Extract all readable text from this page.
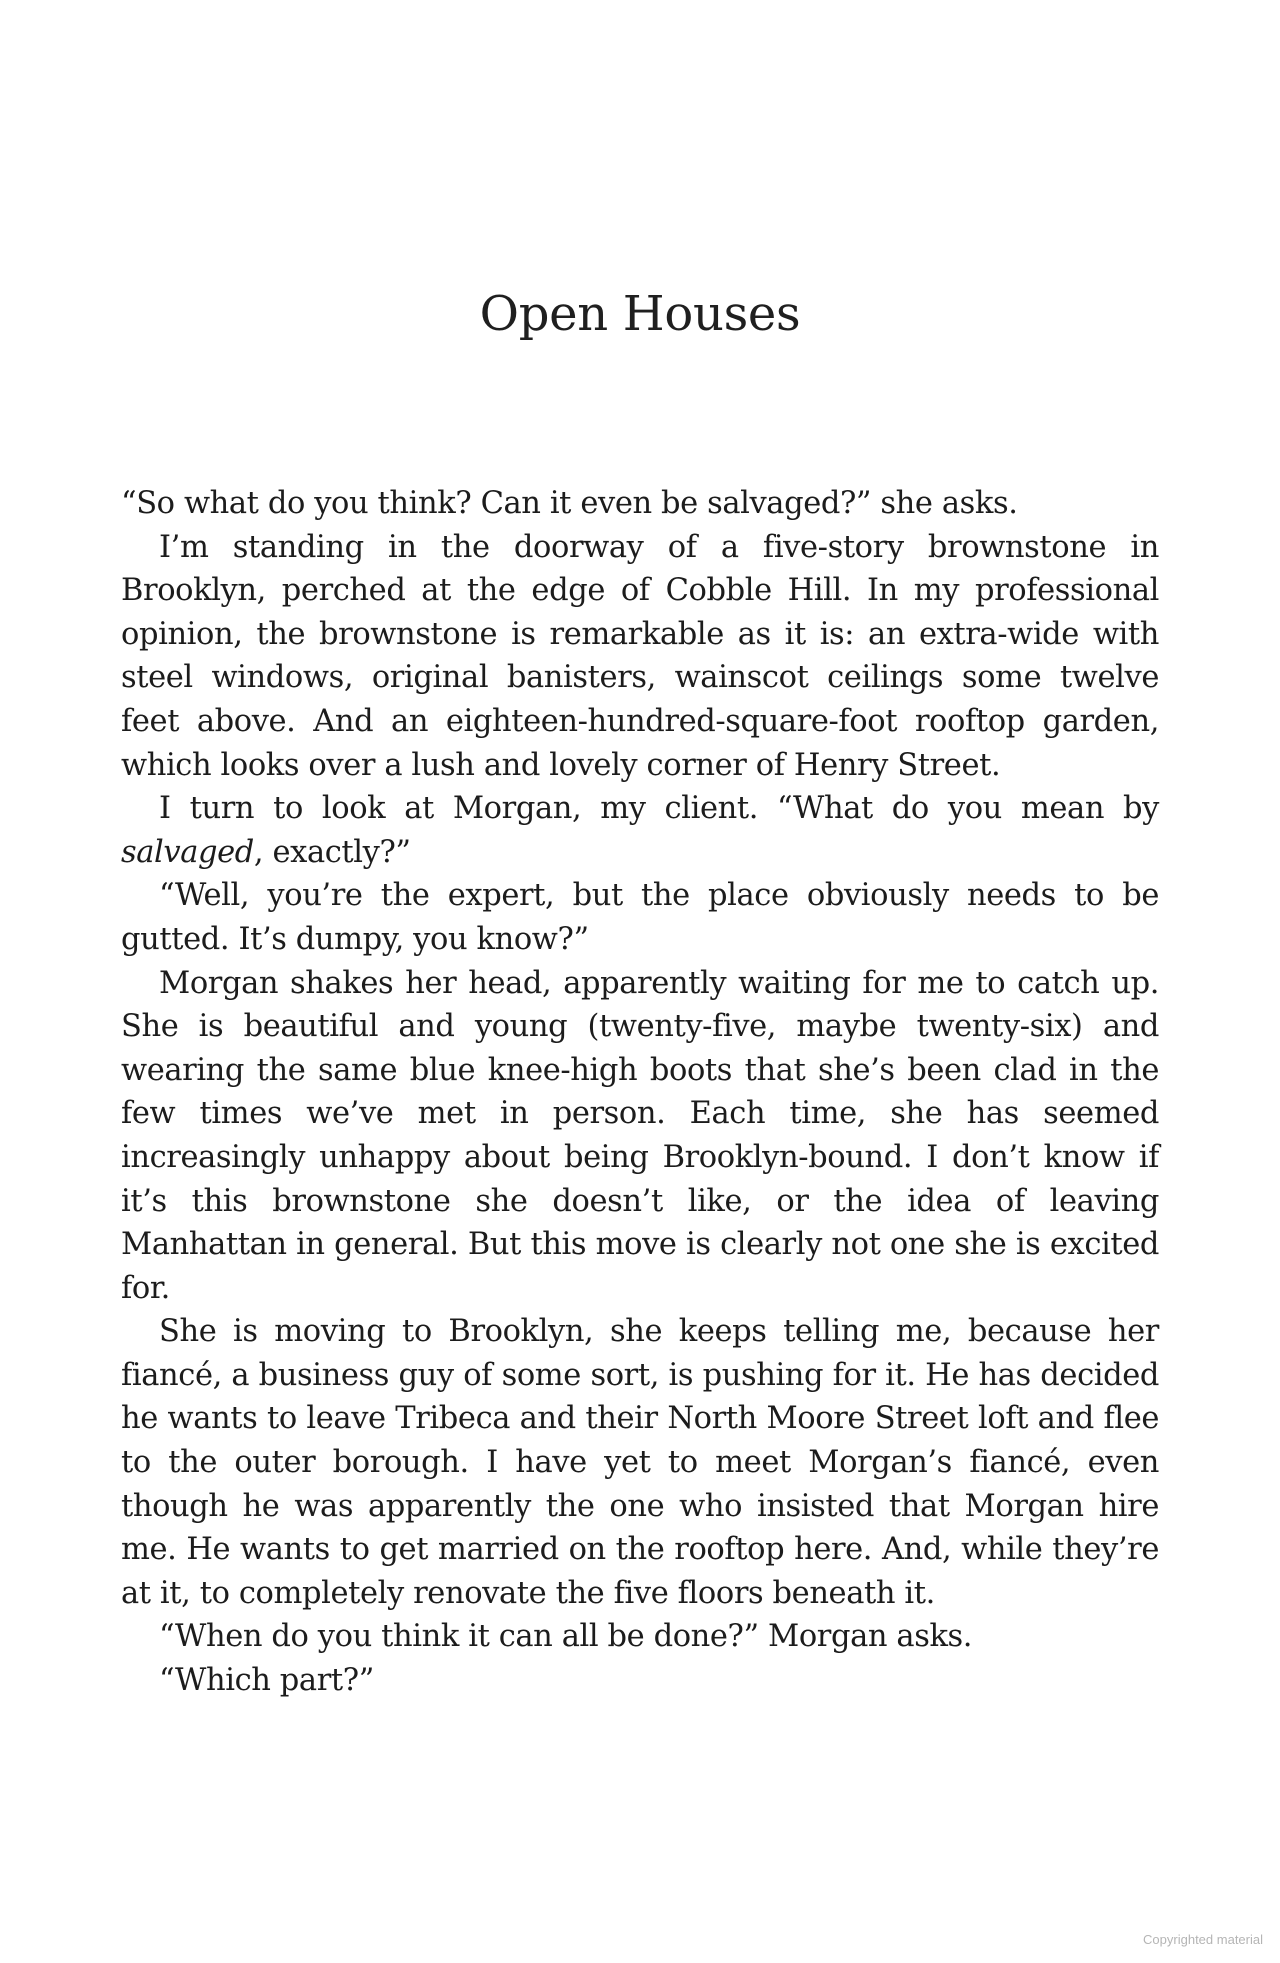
Open Houses

“So what do you think? Can it even be salvaged?” she asks.

I’m standing in the doorway of a five-story brownstone in Brooklyn, perched at the edge of Cobble Hill. In my professional opinion, the brownstone is remarkable as it is: an extra-wide with steel windows, original banisters, wainscot ceilings some twelve feet above. And an eighteen-hundred-square-foot rooftop garden, which looks over a lush and lovely corner of Henry Street.

I turn to look at Morgan, my client. “What do you mean by salvaged, exactly?”

“Well, you’re the expert, but the place obviously needs to be gutted. It’s dumpy, you know?”

Morgan shakes her head, apparently waiting for me to catch up. She is beautiful and young (twenty-five, maybe twenty-six) and wearing the same blue knee-high boots that she’s been clad in the few times we’ve met in person. Each time, she has seemed increasingly unhappy about being Brooklyn-bound. I don’t know if it’s this brownstone she doesn’t like, or the idea of leaving Manhattan in general. But this move is clearly not one she is excited for.

She is moving to Brooklyn, she keeps telling me, because her fiancé, a business guy of some sort, is pushing for it. He has decided he wants to leave Tribeca and their North Moore Street loft and flee to the outer borough. I have yet to meet Morgan’s fiancé, even though he was apparently the one who insisted that Morgan hire me. He wants to get married on the rooftop here. And, while they’re at it, to completely renovate the five floors beneath it.

“When do you think it can all be done?” Morgan asks.

“Which part?”

Copyrighted material
